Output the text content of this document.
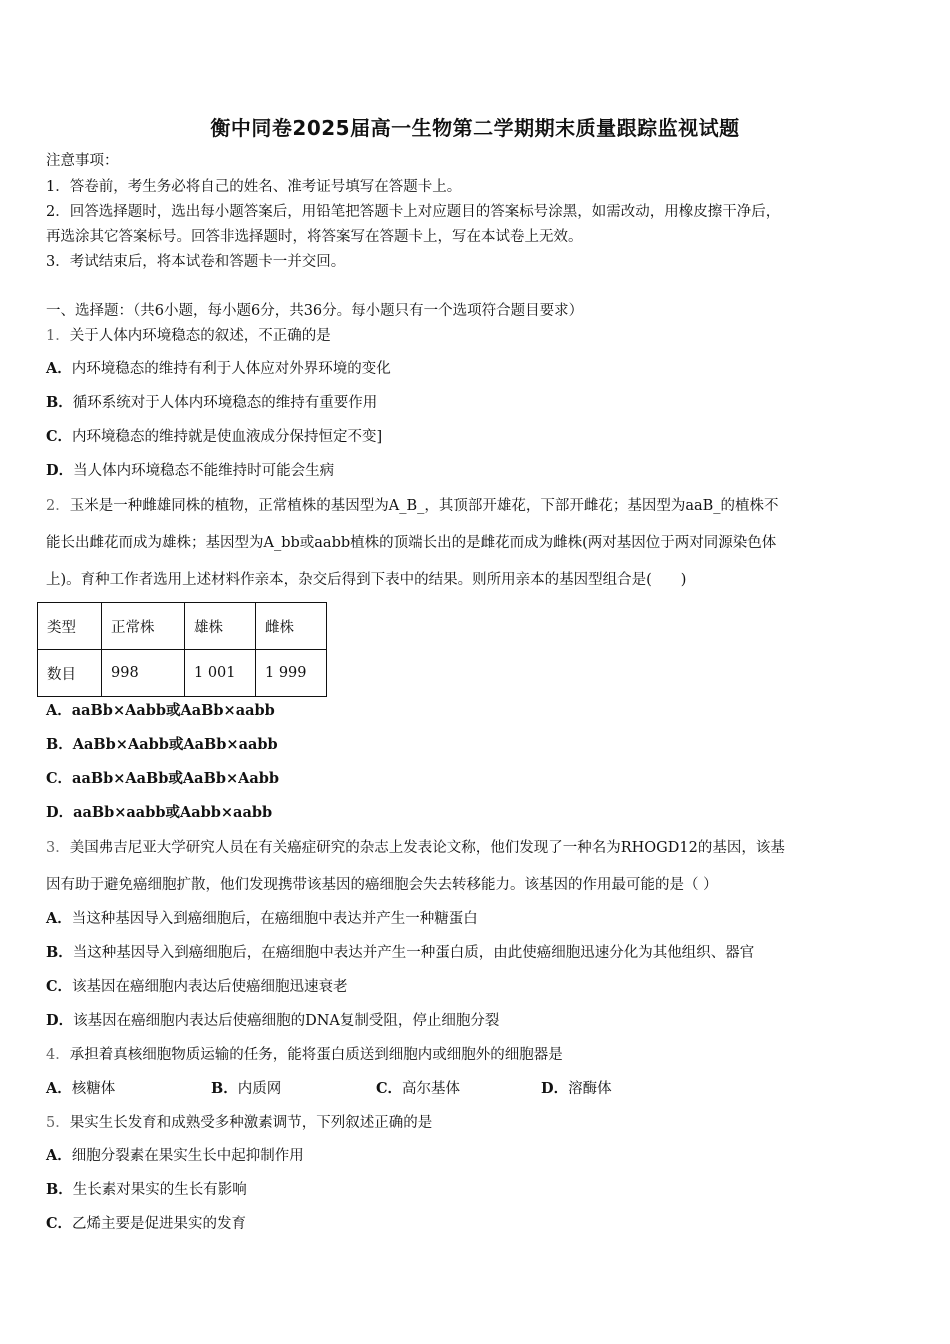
衡中同卷2025届高一生物第二学期期末质量跟踪监视试题
注意事项：
1．答卷前，考生务必将自己的姓名、准考证号填写在答题卡上。
2．回答选择题时，选出每小题答案后，用铅笔把答题卡上对应题目的答案标号涂黑，如需改动，用橡皮擦干净后，
再选涂其它答案标号。回答非选择题时，将答案写在答题卡上，写在本试卷上无效。
3．考试结束后，将本试卷和答题卡一并交回。
一、选择题：（共6小题，每小题6分，共36分。每小题只有一个选项符合题目要求）
1．关于人体内环境稳态的叙述，不正确的是
A．内环境稳态的维持有利于人体应对外界环境的变化
B．循环系统对于人体内环境稳态的维持有重要作用
C．内环境稳态的维持就是使血液成分保持恒定不变]
D．当人体内环境稳态不能维持时可能会生病
2．玉米是一种雌雄同株的植物，正常植株的基因型为A_B_，其顶部开雄花，下部开雌花；基因型为aaB_的植株不
能长出雌花而成为雄株；基因型为A_bb或aabb植株的顶端长出的是雌花而成为雌株(两对基因位于两对同源染色体
上)。育种工作者选用上述材料作亲本，杂交后得到下表中的结果。则所用亲本的基因型组合是(　　)
类型	正常株	雄株	雌株
数目	998	1 001	1 999
A．aaBb×Aabb或AaBb×aabb
B．AaBb×Aabb或AaBb×aabb
C．aaBb×AaBb或AaBb×Aabb
D．aaBb×aabb或Aabb×aabb
3．美国弗吉尼亚大学研究人员在有关癌症研究的杂志上发表论文称，他们发现了一种名为RHOGD12的基因，该基
因有助于避免癌细胞扩散，他们发现携带该基因的癌细胞会失去转移能力。该基因的作用最可能的是（ ）
A．当这种基因导入到癌细胞后，在癌细胞中表达并产生一种糖蛋白
B．当这种基因导入到癌细胞后，在癌细胞中表达并产生一种蛋白质，由此使癌细胞迅速分化为其他组织、器官
C．该基因在癌细胞内表达后使癌细胞迅速衰老
D．该基因在癌细胞内表达后使癌细胞的DNA复制受阻，停止细胞分裂
4．承担着真核细胞物质运输的任务，能将蛋白质送到细胞内或细胞外的细胞器是
A．核糖体	B．内质网	C．高尔基体	D．溶酶体
5．果实生长发育和成熟受多种激素调节，下列叙述正确的是
A．细胞分裂素在果实生长中起抑制作用
B．生长素对果实的生长有影响
C．乙烯主要是促进果实的发育
